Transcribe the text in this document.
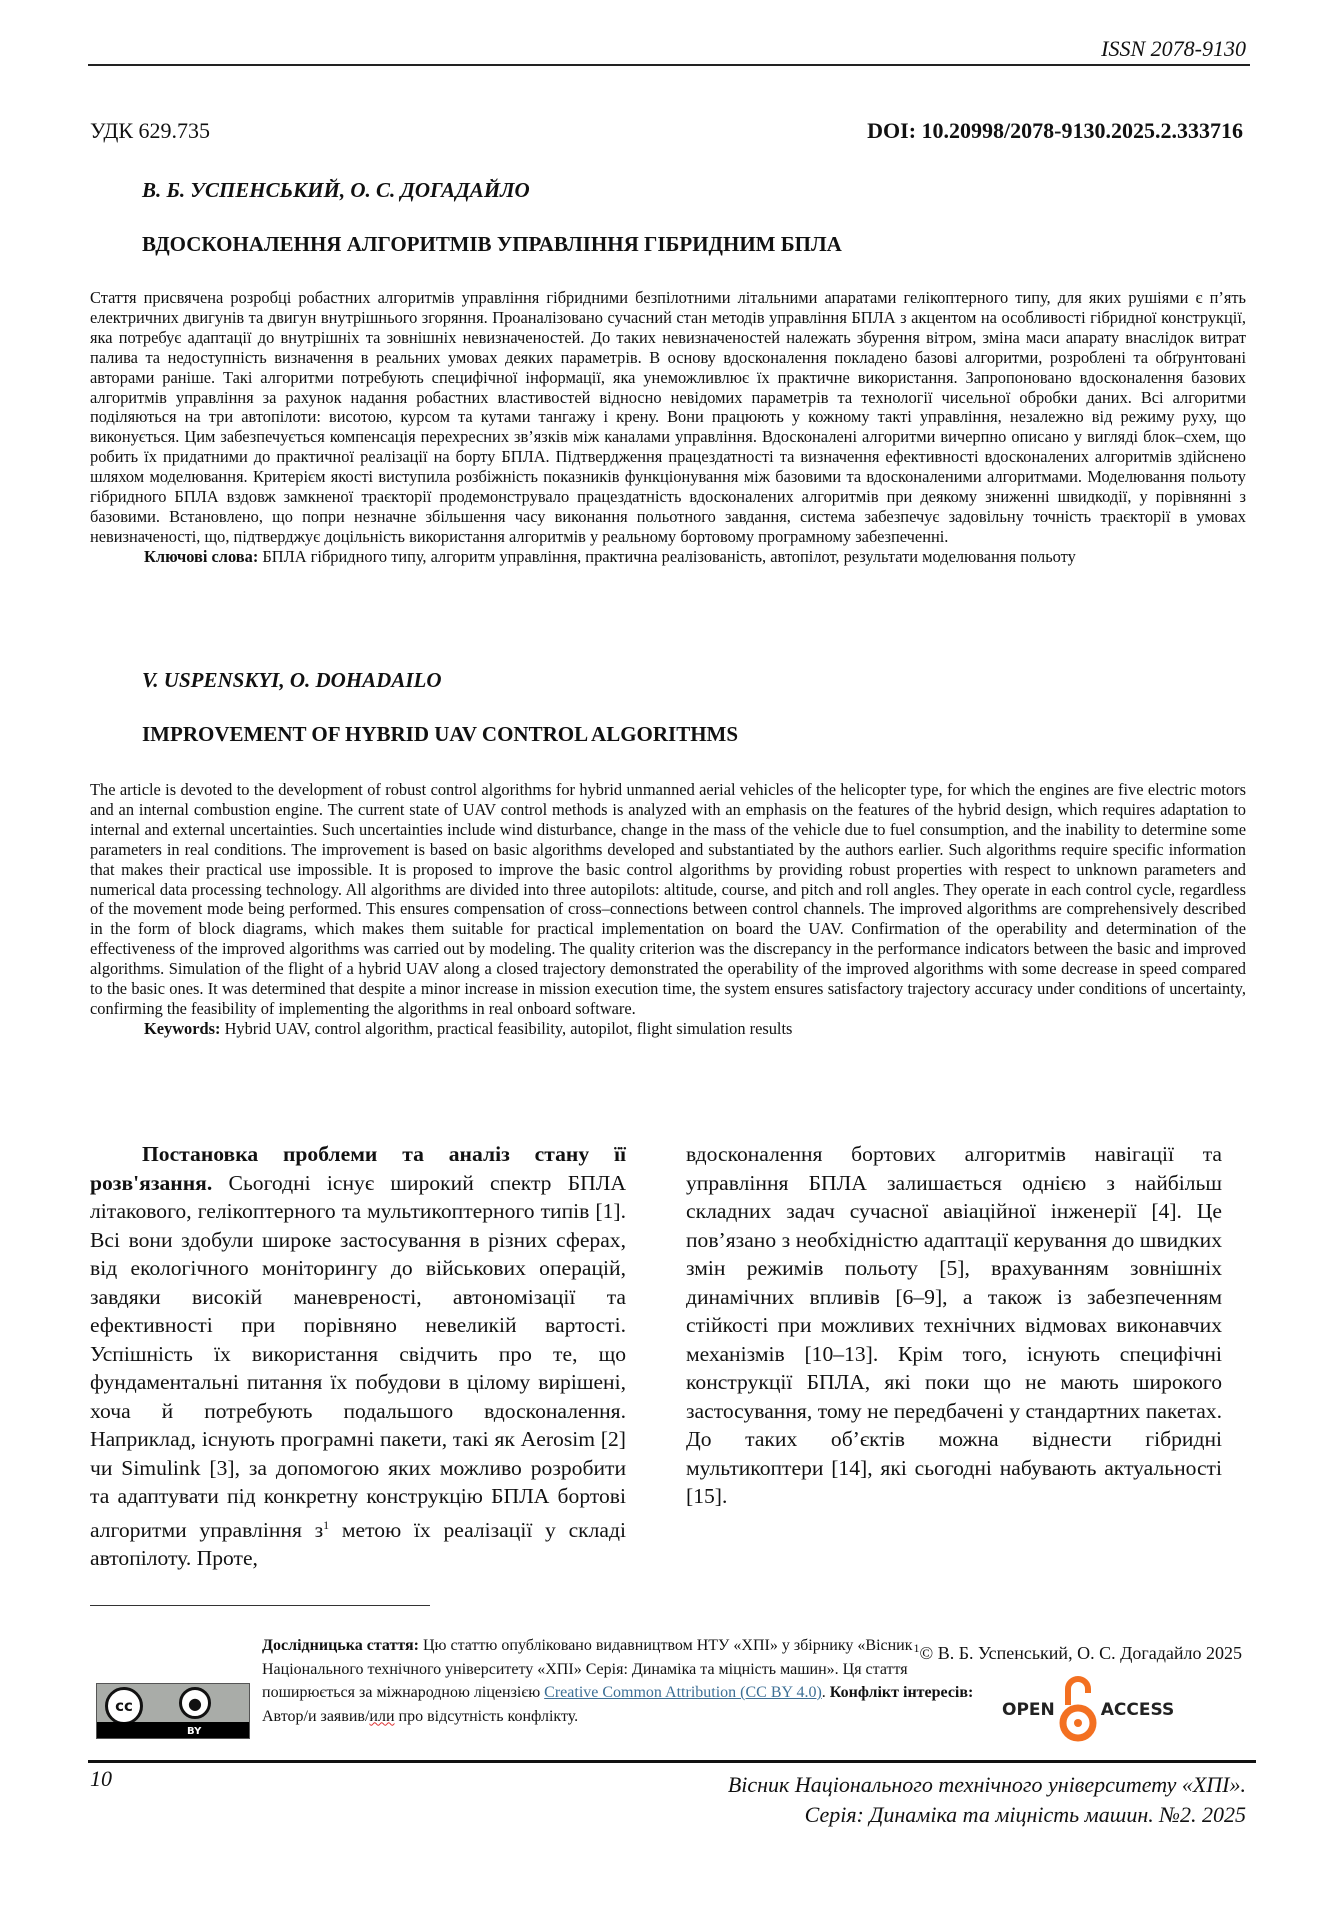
ISSN 2078-9130
УДК 629.735	DOI: 10.20998/2078-9130.2025.2.333716
В. Б. УСПЕНСЬКИЙ, О. С. ДОГАДАЙЛО
ВДОСКОНАЛЕННЯ АЛГОРИТМІВ УПРАВЛІННЯ ГІБРИДНИМ БПЛА

Стаття присвячена розробці робастних алгоритмів управління гібридними безпілотними літальними апаратами гелікоптерного типу, для яких рушіями є п’ять електричних двигунів та двигун внутрішнього згоряння. Проаналізовано сучасний стан методів управління БПЛА з акцентом на особливості гібридної конструкції, яка потребує адаптації до внутрішніх та зовнішніх невизначеностей. До таких невизначеностей належать збурення вітром, зміна маси апарату внаслідок витрат палива та недоступність визначення в реальних умовах деяких параметрів. В основу вдосконалення покладено базові алгоритми, розроблені та обґрунтовані авторами раніше. Такі алгоритми потребують специфічної інформації, яка унеможливлює їх практичне використання. Запропоновано вдосконалення базових алгоритмів управління за рахунок надання робастних властивостей відносно невідомих параметрів та технології чисельної обробки даних. Всі алгоритми поділяються на три автопілоти: висотою, курсом та кутами тангажу і крену. Вони працюють у кожному такті управління, незалежно від режиму руху, що виконується. Цим забезпечується компенсація перехресних зв’язків між каналами управління. Вдосконалені алгоритми вичерпно описано у вигляді блок–схем, що робить їх придатними до практичної реалізації на борту БПЛА. Підтвердження працездатності та визначення ефективності вдосконалених алгоритмів здійснено шляхом моделювання. Критерієм якості виступила розбіжність показників функціонування між базовими та вдосконаленими алгоритмами. Моделювання польоту гібридного БПЛА вздовж замкненої траєкторії продемонструвало працездатність вдосконалених алгоритмів при деякому зниженні швидкодії, у порівнянні з базовими. Встановлено, що попри незначне збільшення часу виконання польотного завдання, система забезпечує задовільну точність траєкторії в умовах невизначеності, що, підтверджує доцільність використання алгоритмів у реальному бортовому програмному забезпеченні.

Ключові слова: БПЛА гібридного типу, алгоритм управління, практична реалізованість, автопілот, результати моделювання польоту

V. USPENSKYI, O. DOHADAILO
IMPROVEMENT OF HYBRID UAV CONTROL ALGORITHMS

The article is devoted to the development of robust control algorithms for hybrid unmanned aerial vehicles of the helicopter type, for which the engines are five electric motors and an internal combustion engine. The current state of UAV control methods is analyzed with an emphasis on the features of the hybrid design, which requires adaptation to internal and external uncertainties. Such uncertainties include wind disturbance, change in the mass of the vehicle due to fuel consumption, and the inability to determine some parameters in real conditions. The improvement is based on basic algorithms developed and substantiated by the authors earlier. Such algorithms require specific information that makes their practical use impossible. It is proposed to improve the basic control algorithms by providing robust properties with respect to unknown parameters and numerical data processing technology. All algorithms are divided into three autopilots: altitude, course, and pitch and roll angles. They operate in each control cycle, regardless of the movement mode being performed. This ensures compensation of cross–connections between control channels. The improved algorithms are comprehensively described in the form of block diagrams, which makes them suitable for practical implementation on board the UAV. Confirmation of the operability and determination of the effectiveness of the improved algorithms was carried out by modeling. The quality criterion was the discrepancy in the performance indicators between the basic and improved algorithms. Simulation of the flight of a hybrid UAV along a closed trajectory demonstrated the operability of the improved algorithms with some decrease in speed compared to the basic ones. It was determined that despite a minor increase in mission execution time, the system ensures satisfactory trajectory accuracy under conditions of uncertainty, confirming the feasibility of implementing the algorithms in real onboard software.

Keywords: Hybrid UAV, control algorithm, practical feasibility, autopilot, flight simulation results

Постановка проблеми та аналіз стану її розв'язання. Сьогодні існує широкий спектр БПЛА літакового, гелікоптерного та мультикоптерного типів [1]. Всі вони здобули широке застосування в різних сферах, від екологічного моніторингу до військових операцій, завдяки високій маневреності, автономізації та ефективності при порівняно невеликій вартості. Успішність їх використання свідчить про те, що фундаментальні питання їх побудови в цілому вирішені, хоча й потребують подальшого вдосконалення. Наприклад, існують програмні пакети, такі як Aerosim [2] чи Simulink [3], за допомогою яких можливо розробити та адаптувати під конкретну конструкцію БПЛА бортові алгоритми управління $з^1$ метою їх реалізації у складі автопілоту. Проте,

вдосконалення бортових алгоритмів навігації та управління БПЛА залишається однією з найбільш складних задач сучасної авіаційної інженерії [4]. Це пов’язано з необхідністю адаптації керування до швидких змін режимів польоту [5], врахуванням зовнішніх динамічних впливів [6–9], а також із забезпеченням стійкості при можливих технічних відмовах виконавчих механізмів [10–13]. Крім того, існують специфічні конструкції БПЛА, які поки що не мають широкого застосування, тому не передбачені у стандартних пакетах. До таких об’єктів можна віднести гібридні мультикоптери [14], які сьогодні набувають актуальності [15].

$^1$© В. Б. Успенський, О. С. Догадайло 2025
cc	●
BY
Дослідницька стаття: Цю статтю опубліковано видавництвом НТУ «ХПІ» у збірнику «Вісник Національного технічного університету «ХПІ» Серія: Динаміка та міцність машин». Ця стаття поширюється за міжнародною ліцензією Creative Common Attribution (CC BY 4.0). Конфлікт інтересів: Автор/и заявив/или про відсутність конфлікту.	OPEN	ACCESS
10	Вісник Національного технічного університету «ХПІ».
Серія: Динаміка та міцність машин. №2. 2025
